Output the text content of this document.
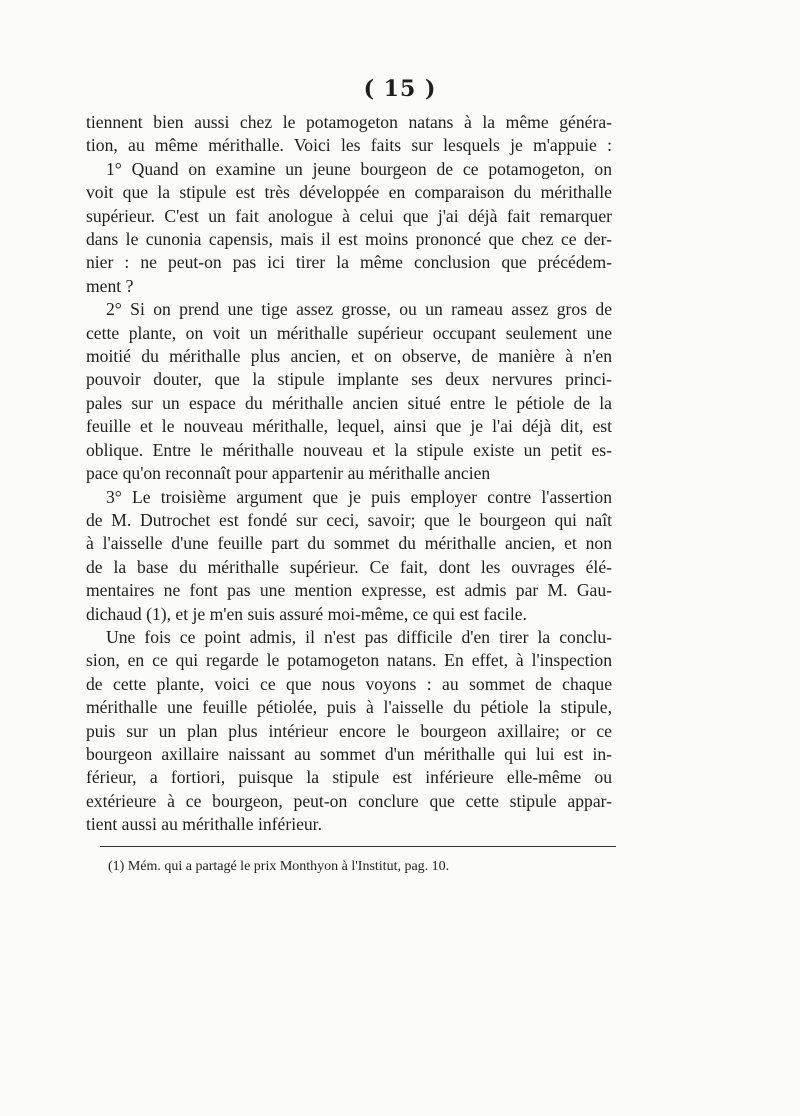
( 15 )
tiennent bien aussi chez le potamogeton natans à la même généra-
tion, au même mérithalle. Voici les faits sur lesquels je m'appuie :
1° Quand on examine un jeune bourgeon de ce potamogeton, on
voit que la stipule est très développée en comparaison du mérithalle
supérieur. C'est un fait anologue à celui que j'ai déjà fait remarquer
dans le cunonia capensis, mais il est moins prononcé que chez ce der-
nier : ne peut-on pas ici tirer la même conclusion que précédem-
ment ?
2° Si on prend une tige assez grosse, ou un rameau assez gros de
cette plante, on voit un mérithalle supérieur occupant seulement une
moitié du mérithalle plus ancien, et on observe, de manière à n'en
pouvoir douter, que la stipule implante ses deux nervures princi-
pales sur un espace du mérithalle ancien situé entre le pétiole de la
feuille et le nouveau mérithalle, lequel, ainsi que je l'ai déjà dit, est
oblique. Entre le mérithalle nouveau et la stipule existe un petit es-
pace qu'on reconnaît pour appartenir au mérithalle ancien
3° Le troisième argument que je puis employer contre l'assertion
de M. Dutrochet est fondé sur ceci, savoir; que le bourgeon qui naît
à l'aisselle d'une feuille part du sommet du mérithalle ancien, et non
de la base du mérithalle supérieur. Ce fait, dont les ouvrages élé-
mentaires ne font pas une mention expresse, est admis par M. Gau-
dichaud (1), et je m'en suis assuré moi-même, ce qui est facile.
Une fois ce point admis, il n'est pas difficile d'en tirer la conclu-
sion, en ce qui regarde le potamogeton natans. En effet, à l'inspection
de cette plante, voici ce que nous voyons : au sommet de chaque
mérithalle une feuille pétiolée, puis à l'aisselle du pétiole la stipule,
puis sur un plan plus intérieur encore le bourgeon axillaire; or ce
bourgeon axillaire naissant au sommet d'un mérithalle qui lui est in-
férieur, a fortiori, puisque la stipule est inférieure elle-même ou
extérieure à ce bourgeon, peut-on conclure que cette stipule appar-
tient aussi au mérithalle inférieur.
(1) Mém. qui a partagé le prix Monthyon à l'Institut, pag. 10.
